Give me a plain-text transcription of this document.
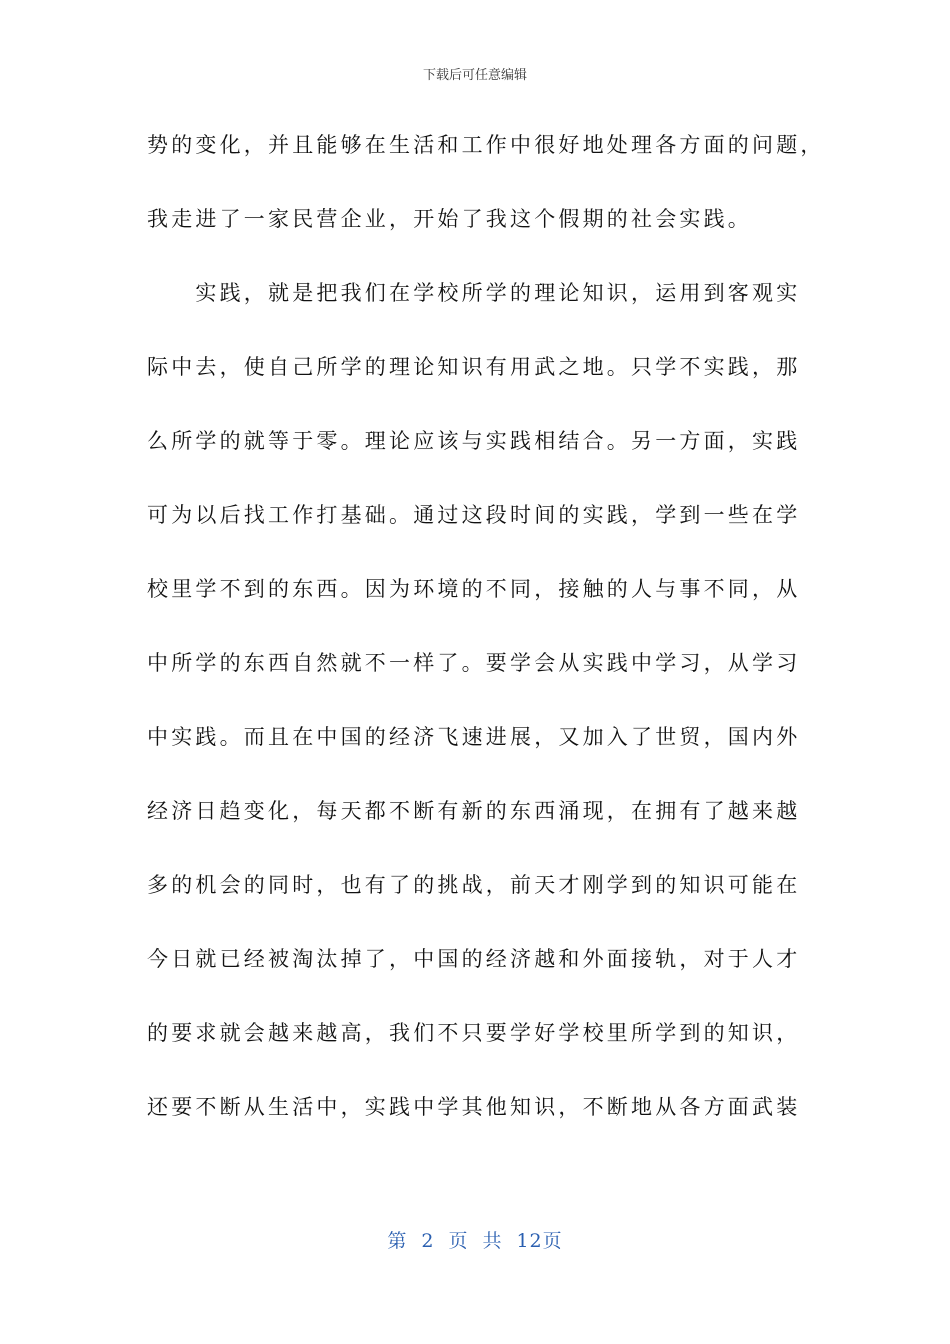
下载后可任意编辑
势的变化，并且能够在生活和工作中很好地处理各方面的问题，
我走进了一家民营企业，开始了我这个假期的社会实践。
　　实践，就是把我们在学校所学的理论知识，运用到客观实
际中去，使自己所学的理论知识有用武之地。只学不实践，那
么所学的就等于零。理论应该与实践相结合。另一方面，实践
可为以后找工作打基础。通过这段时间的实践，学到一些在学
校里学不到的东西。因为环境的不同，接触的人与事不同，从
中所学的东西自然就不一样了。要学会从实践中学习，从学习
中实践。而且在中国的经济飞速进展，又加入了世贸，国内外
经济日趋变化，每天都不断有新的东西涌现，在拥有了越来越
多的机会的同时，也有了的挑战，前天才刚学到的知识可能在
今日就已经被淘汰掉了，中国的经济越和外面接轨，对于人才
的要求就会越来越高，我们不只要学好学校里所学到的知识，
还要不断从生活中，实践中学其他知识，不断地从各方面武装
第 2 页 共 12页
